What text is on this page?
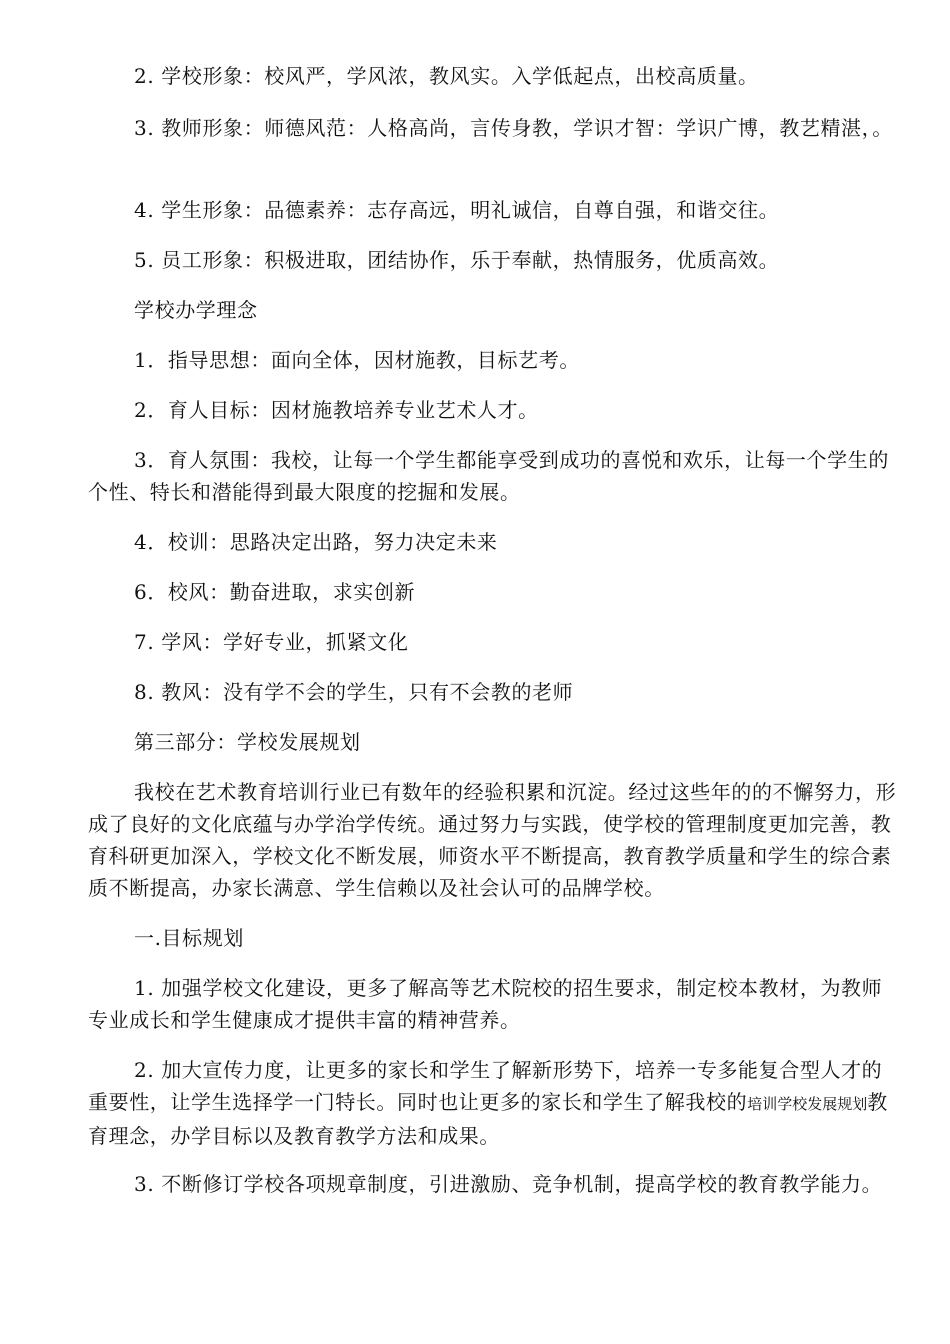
2. 学校形象：校风严，学风浓，教风实。入学低起点，出校高质量。

3. 教师形象：师德风范：人格高尚，言传身教，学识才智：学识广博，教艺精湛，。

4. 学生形象：品德素养：志存高远，明礼诚信，自尊自强，和谐交往。

5. 员工形象：积极进取，团结协作，乐于奉献，热情服务，优质高效。

学校办学理念

1．指导思想：面向全体，因材施教，目标艺考。

2．育人目标：因材施教培养专业艺术人才。

3．育人氛围：我校，让每一个学生都能享受到成功的喜悦和欢乐，让每一个学生的个性、特长和潜能得到最大限度的挖掘和发展。

4．校训：思路决定出路，努力决定未来

6．校风：勤奋进取，求实创新

7. 学风：学好专业，抓紧文化

8. 教风：没有学不会的学生，只有不会教的老师

第三部分：学校发展规划

我校在艺术教育培训行业已有数年的经验积累和沉淀。经过这些年的的不懈努力，形成了良好的文化底蕴与办学治学传统。通过努力与实践，使学校的管理制度更加完善，教育科研更加深入，学校文化不断发展，师资水平不断提高，教育教学质量和学生的综合素质不断提高，办家长满意、学生信赖以及社会认可的品牌学校。

一.目标规划

1. 加强学校文化建设，更多了解高等艺术院校的招生要求，制定校本教材，为教师专业成长和学生健康成才提供丰富的精神营养。

2. 加大宣传力度，让更多的家长和学生了解新形势下，培养一专多能复合型人才的重要性，让学生选择学一门特长。同时也让更多的家长和学生了解我校的培训学校发展规划教育理念，办学目标以及教育教学方法和成果。

3. 不断修订学校各项规章制度，引进激励、竞争机制，提高学校的教育教学能力。
